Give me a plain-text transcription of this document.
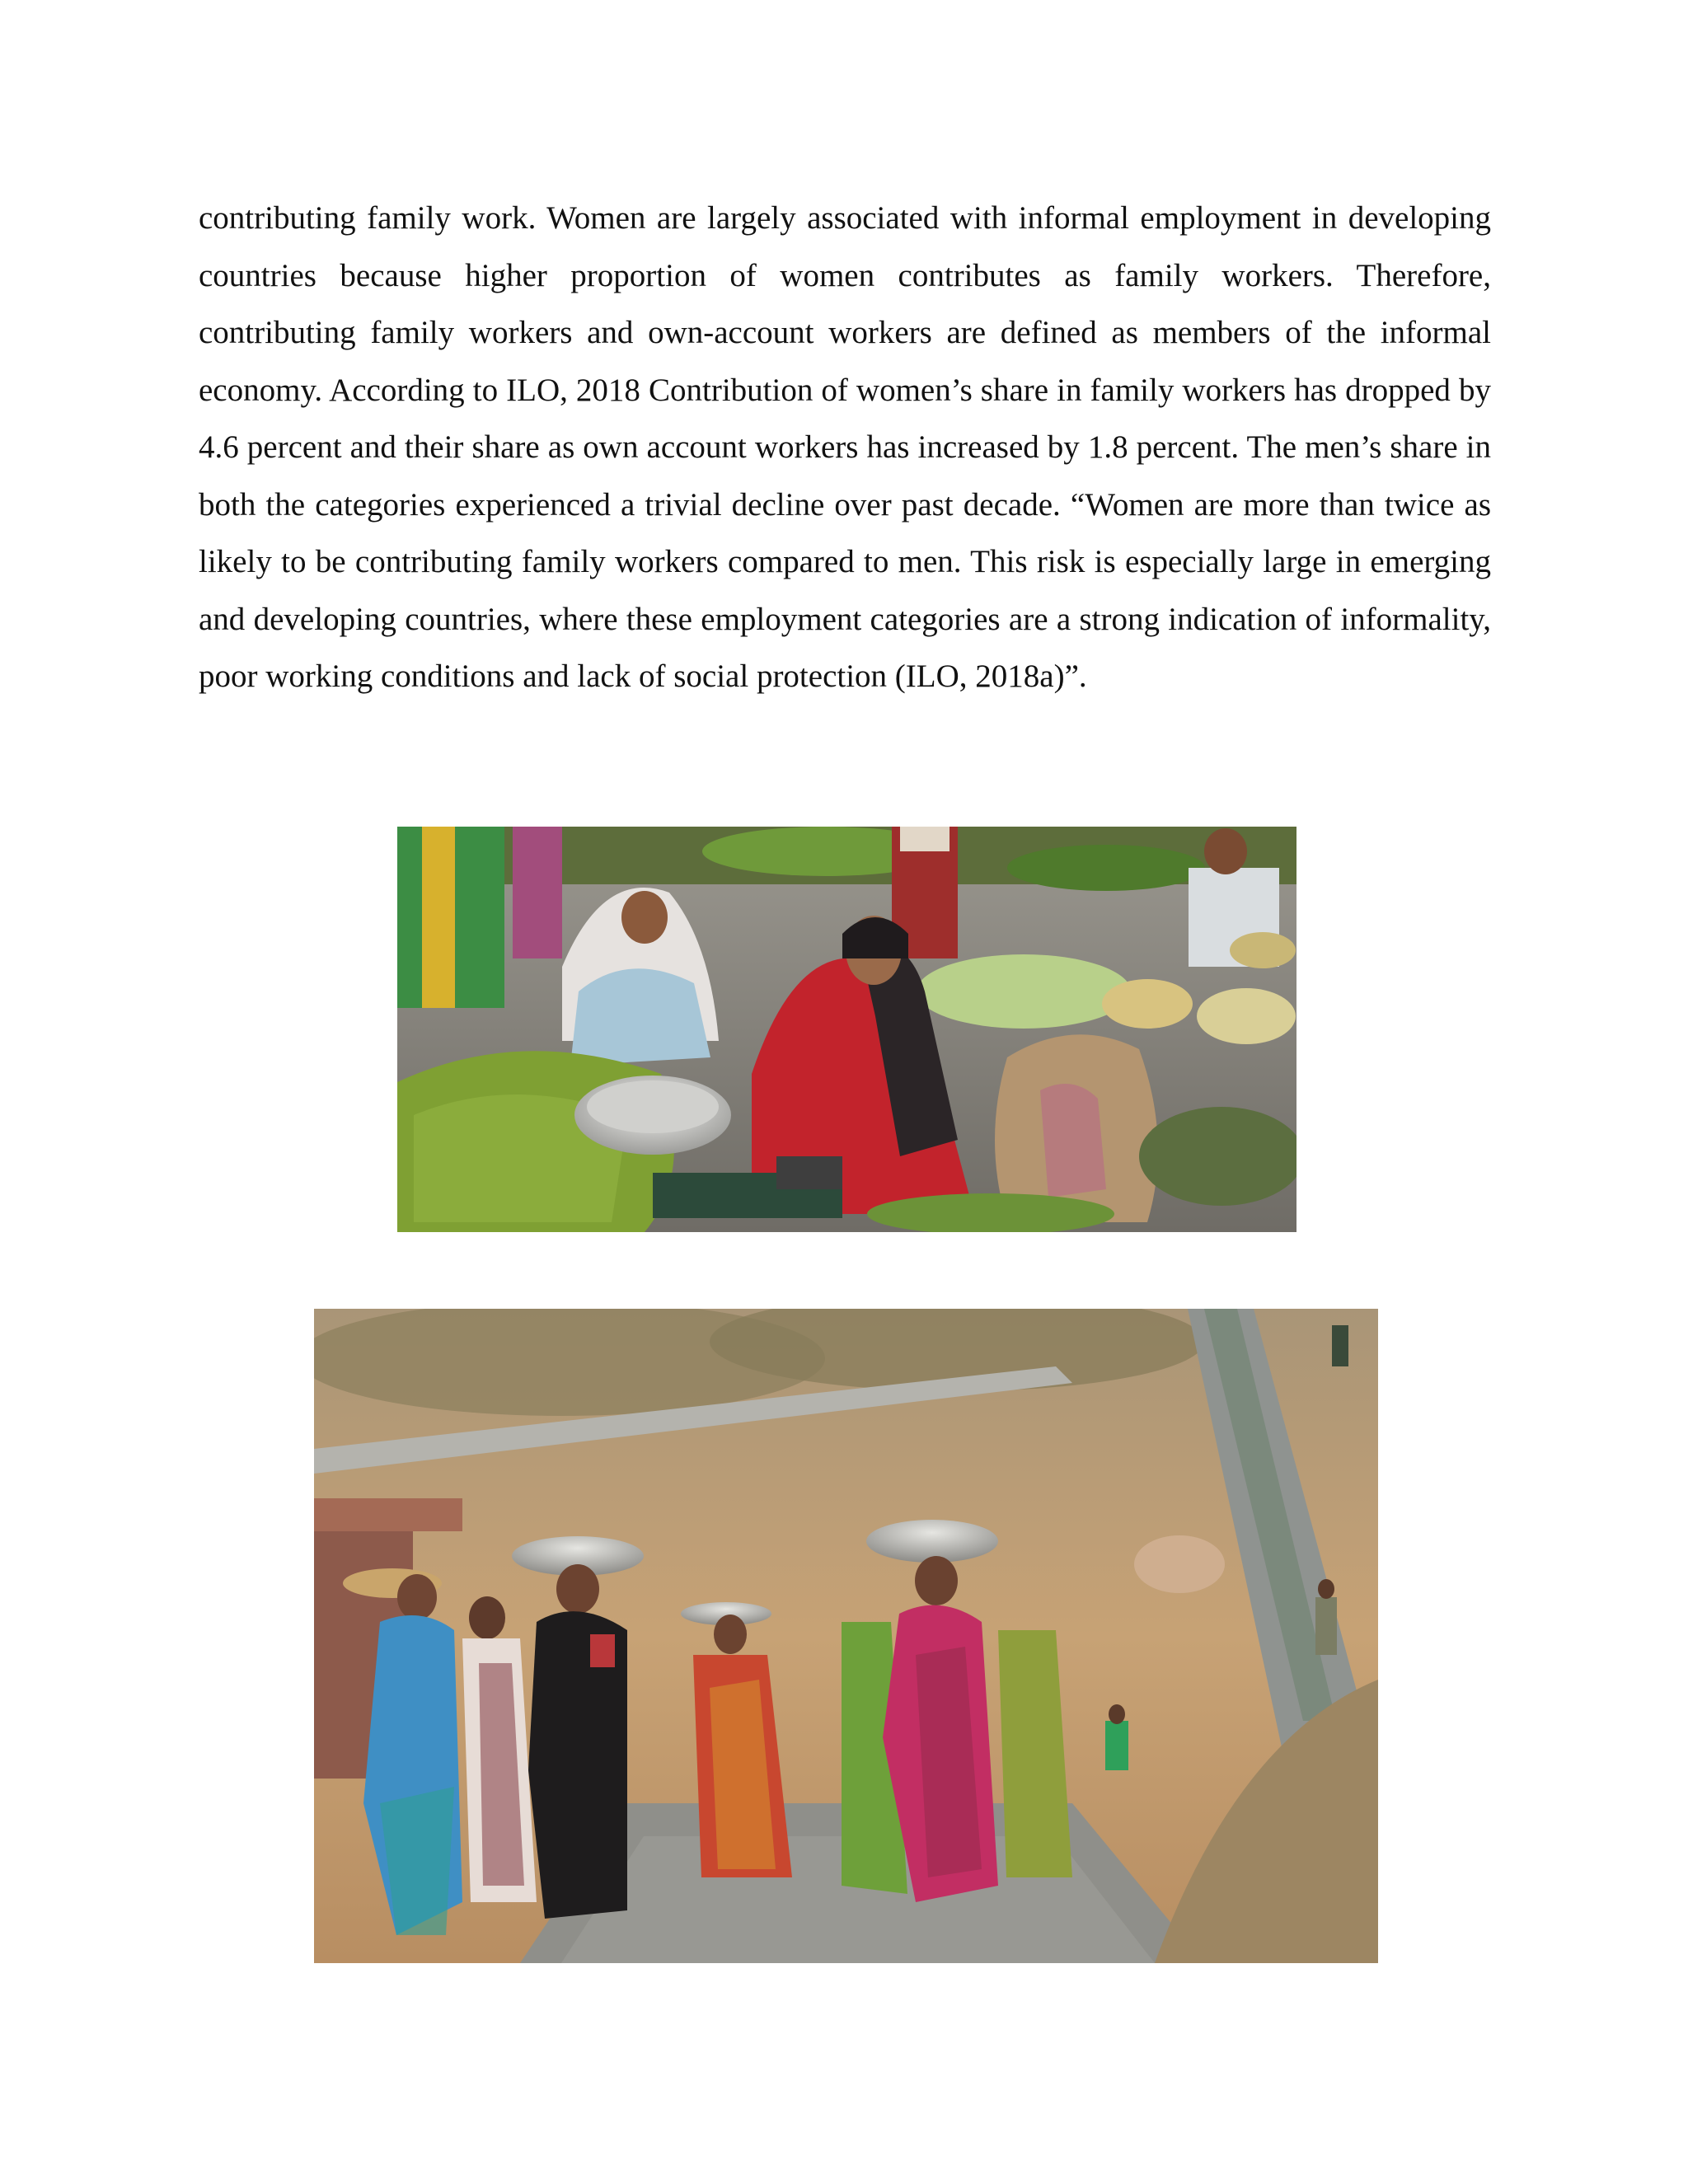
contributing family work. Women are largely associated with informal employment in developing countries because higher proportion of women contributes as family workers. Therefore, contributing family workers and own-account workers are defined as members of the informal economy. According to ILO, 2018 Contribution of women’s share in family workers has dropped by 4.6 percent and their share as own account workers has increased by 1.8 percent. The men’s share in both the categories experienced a trivial decline over past decade. “Women are more than twice as likely to be contributing family workers compared to men. This risk is especially large in emerging and developing countries, where these employment categories are a strong indication of informality, poor working conditions and lack of social protection (ILO, 2018a)”.
